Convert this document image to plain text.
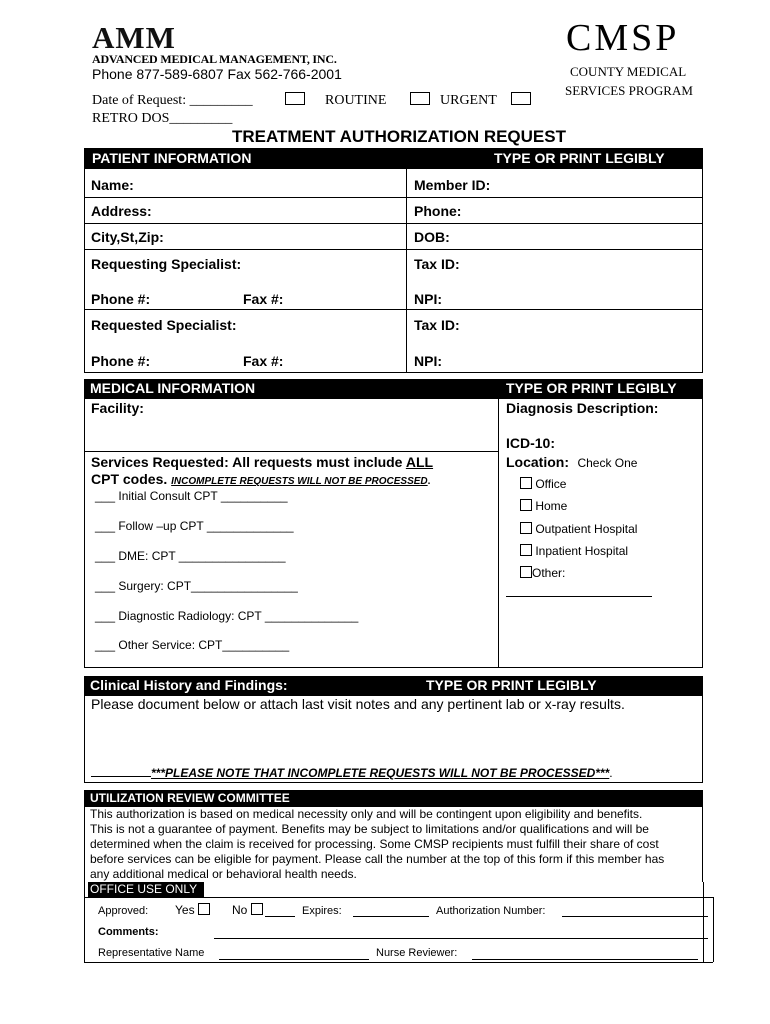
AMM
ADVANCED MEDICAL MANAGEMENT, INC.
Phone 877-589-6807 Fax 562-766-2001
CMSP
COUNTY MEDICAL
SERVICES PROGRAM
Date of Request: _________	ROUTINE	URGENT
RETRO DOS_________
TREATMENT AUTHORIZATION REQUEST
PATIENT INFORMATION	TYPE OR PRINT LEGIBLY
Name:	Member ID:
Address:	Phone:
City,St,Zip:	DOB:
Requesting Specialist:	Tax ID:
Phone #:	Fax #:	NPI:
Requested Specialist:	Tax ID:
Phone #:	Fax #:	NPI:
MEDICAL INFORMATION	TYPE OR PRINT LEGIBLY
Facility:	Diagnosis Description:
ICD-10:
Services Requested: All requests must include ALL
CPT codes. INCOMPLETE REQUESTS WILL NOT BE PROCESSED.
___ Initial Consult CPT __________
___ Follow –up CPT _____________
___ DME: CPT ________________
___ Surgery: CPT________________
___ Diagnostic Radiology: CPT ______________
___ Other Service: CPT__________
Location: Check One
Office
Home
Outpatient Hospital
Inpatient Hospital
Other:
Clinical History and Findings:	TYPE OR PRINT LEGIBLY
Please document below or attach last visit notes and any pertinent lab or x-ray results.
***PLEASE NOTE THAT INCOMPLETE REQUESTS WILL NOT BE PROCESSED***.
UTILIZATION REVIEW COMMITTEE
This authorization is based on medical necessity only and will be contingent upon eligibility and benefits.
This is not a guarantee of payment. Benefits may be subject to limitations and/or qualifications and will be
determined when the claim is received for processing. Some CMSP recipients must fulfill their share of cost
before services can be eligible for payment. Please call the number at the top of this form if this member has
any additional medical or behavioral health needs.
OFFICE USE ONLY
Approved: Yes	No	Expires:	Authorization Number:
Comments:
Representative Name	Nurse Reviewer:
